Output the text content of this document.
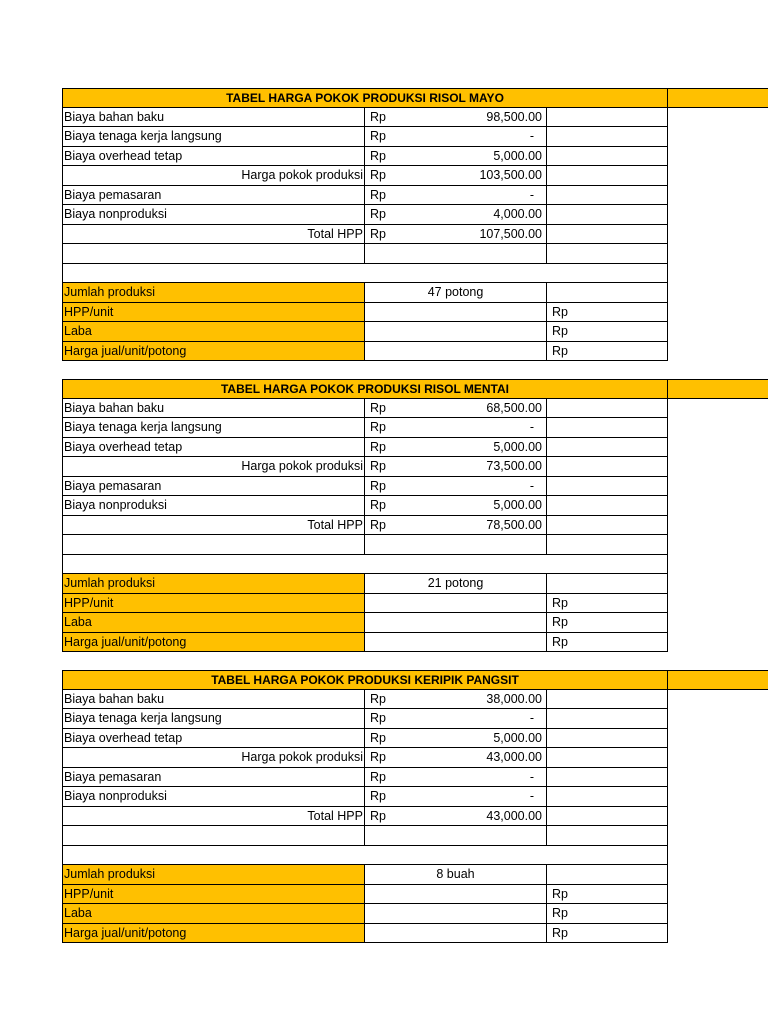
TABEL HARGA POKOK PRODUKSI RISOL MAYO
Biaya bahan baku	Rp	98,500.00
Biaya tenaga kerja langsung	Rp	-
Biaya overhead tetap	Rp	5,000.00
Harga pokok produksi Rp	103,500.00
Biaya pemasaran	Rp	-
Biaya nonproduksi	Rp	4,000.00
Total HPP Rp	107,500.00
Jumlah produksi	47 potong
HPP/unit	Rp
Laba	Rp
Harga jual/unit/potong	Rp
TABEL HARGA POKOK PRODUKSI RISOL MENTAI
Biaya bahan baku	Rp	68,500.00
Biaya tenaga kerja langsung	Rp	-
Biaya overhead tetap	Rp	5,000.00
Harga pokok produksi Rp	73,500.00
Biaya pemasaran	Rp	-
Biaya nonproduksi	Rp	5,000.00
Total HPP Rp	78,500.00
Jumlah produksi	21 potong
HPP/unit	Rp
Laba	Rp
Harga jual/unit/potong	Rp
TABEL HARGA POKOK PRODUKSI KERIPIK PANGSIT
Biaya bahan baku	Rp	38,000.00
Biaya tenaga kerja langsung	Rp	-
Biaya overhead tetap	Rp	5,000.00
Harga pokok produksi Rp	43,000.00
Biaya pemasaran	Rp	-
Biaya nonproduksi	Rp	-
Total HPP Rp	43,000.00
Jumlah produksi	8 buah
HPP/unit	Rp
Laba	Rp
Harga jual/unit/potong	Rp
